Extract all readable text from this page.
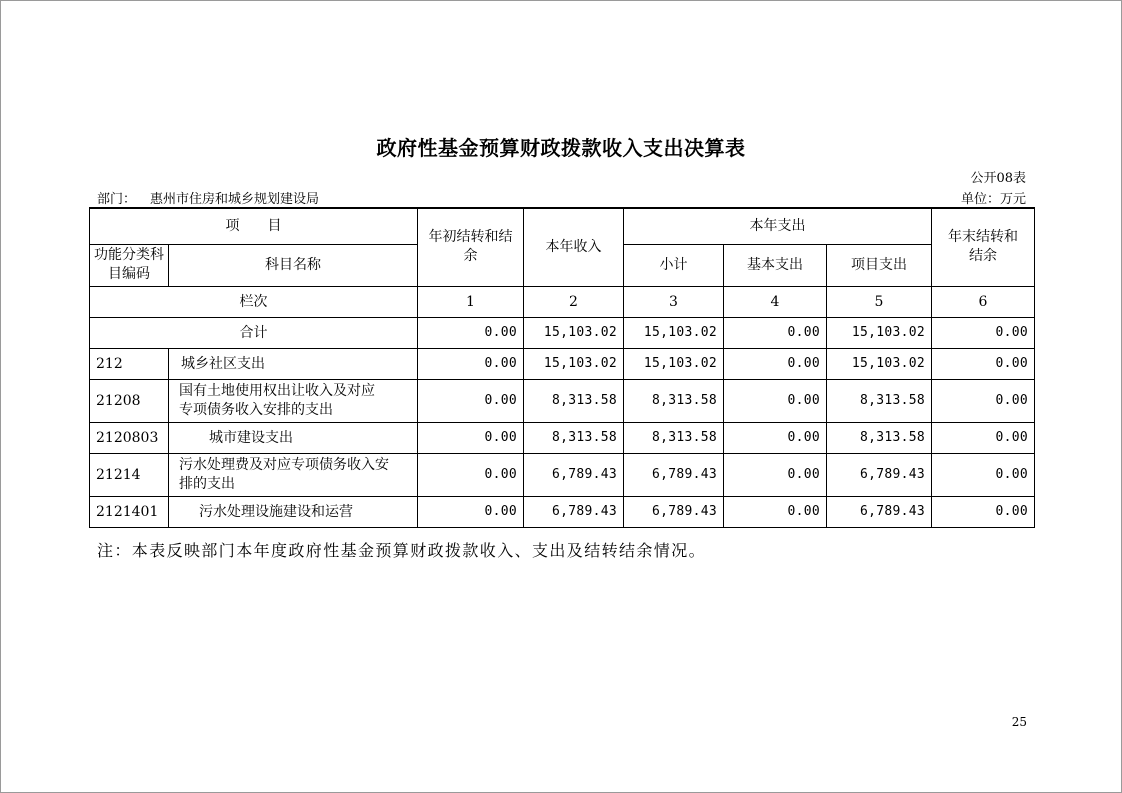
政府性基金预算财政拨款收入支出决算表
公开08表
部门： 惠州市住房和城乡规划建设局	单位：万元
项　　目		年初结转和结余	本年收入	本年支出			年末结转和结余
功能分类科目编码	科目名称			小计	基本支出	项目支出	
栏次		1	2	3	4	5	6
合计		0.00	15,103.02	15,103.02	0.00	15,103.02	0.00
212	城乡社区支出	0.00	15,103.02	15,103.02	0.00	15,103.02	0.00
21208	国有土地使用权出让收入及对应专项债务收入安排的支出	0.00	8,313.58	8,313.58	0.00	8,313.58	0.00
2120803	城市建设支出	0.00	8,313.58	8,313.58	0.00	8,313.58	0.00
21214	污水处理费及对应专项债务收入安排的支出	0.00	6,789.43	6,789.43	0.00	6,789.43	0.00
2121401	污水处理设施建设和运营	0.00	6,789.43	6,789.43	0.00	6,789.43	0.00
注：本表反映部门本年度政府性基金预算财政拨款收入、支出及结转结余情况。
25
